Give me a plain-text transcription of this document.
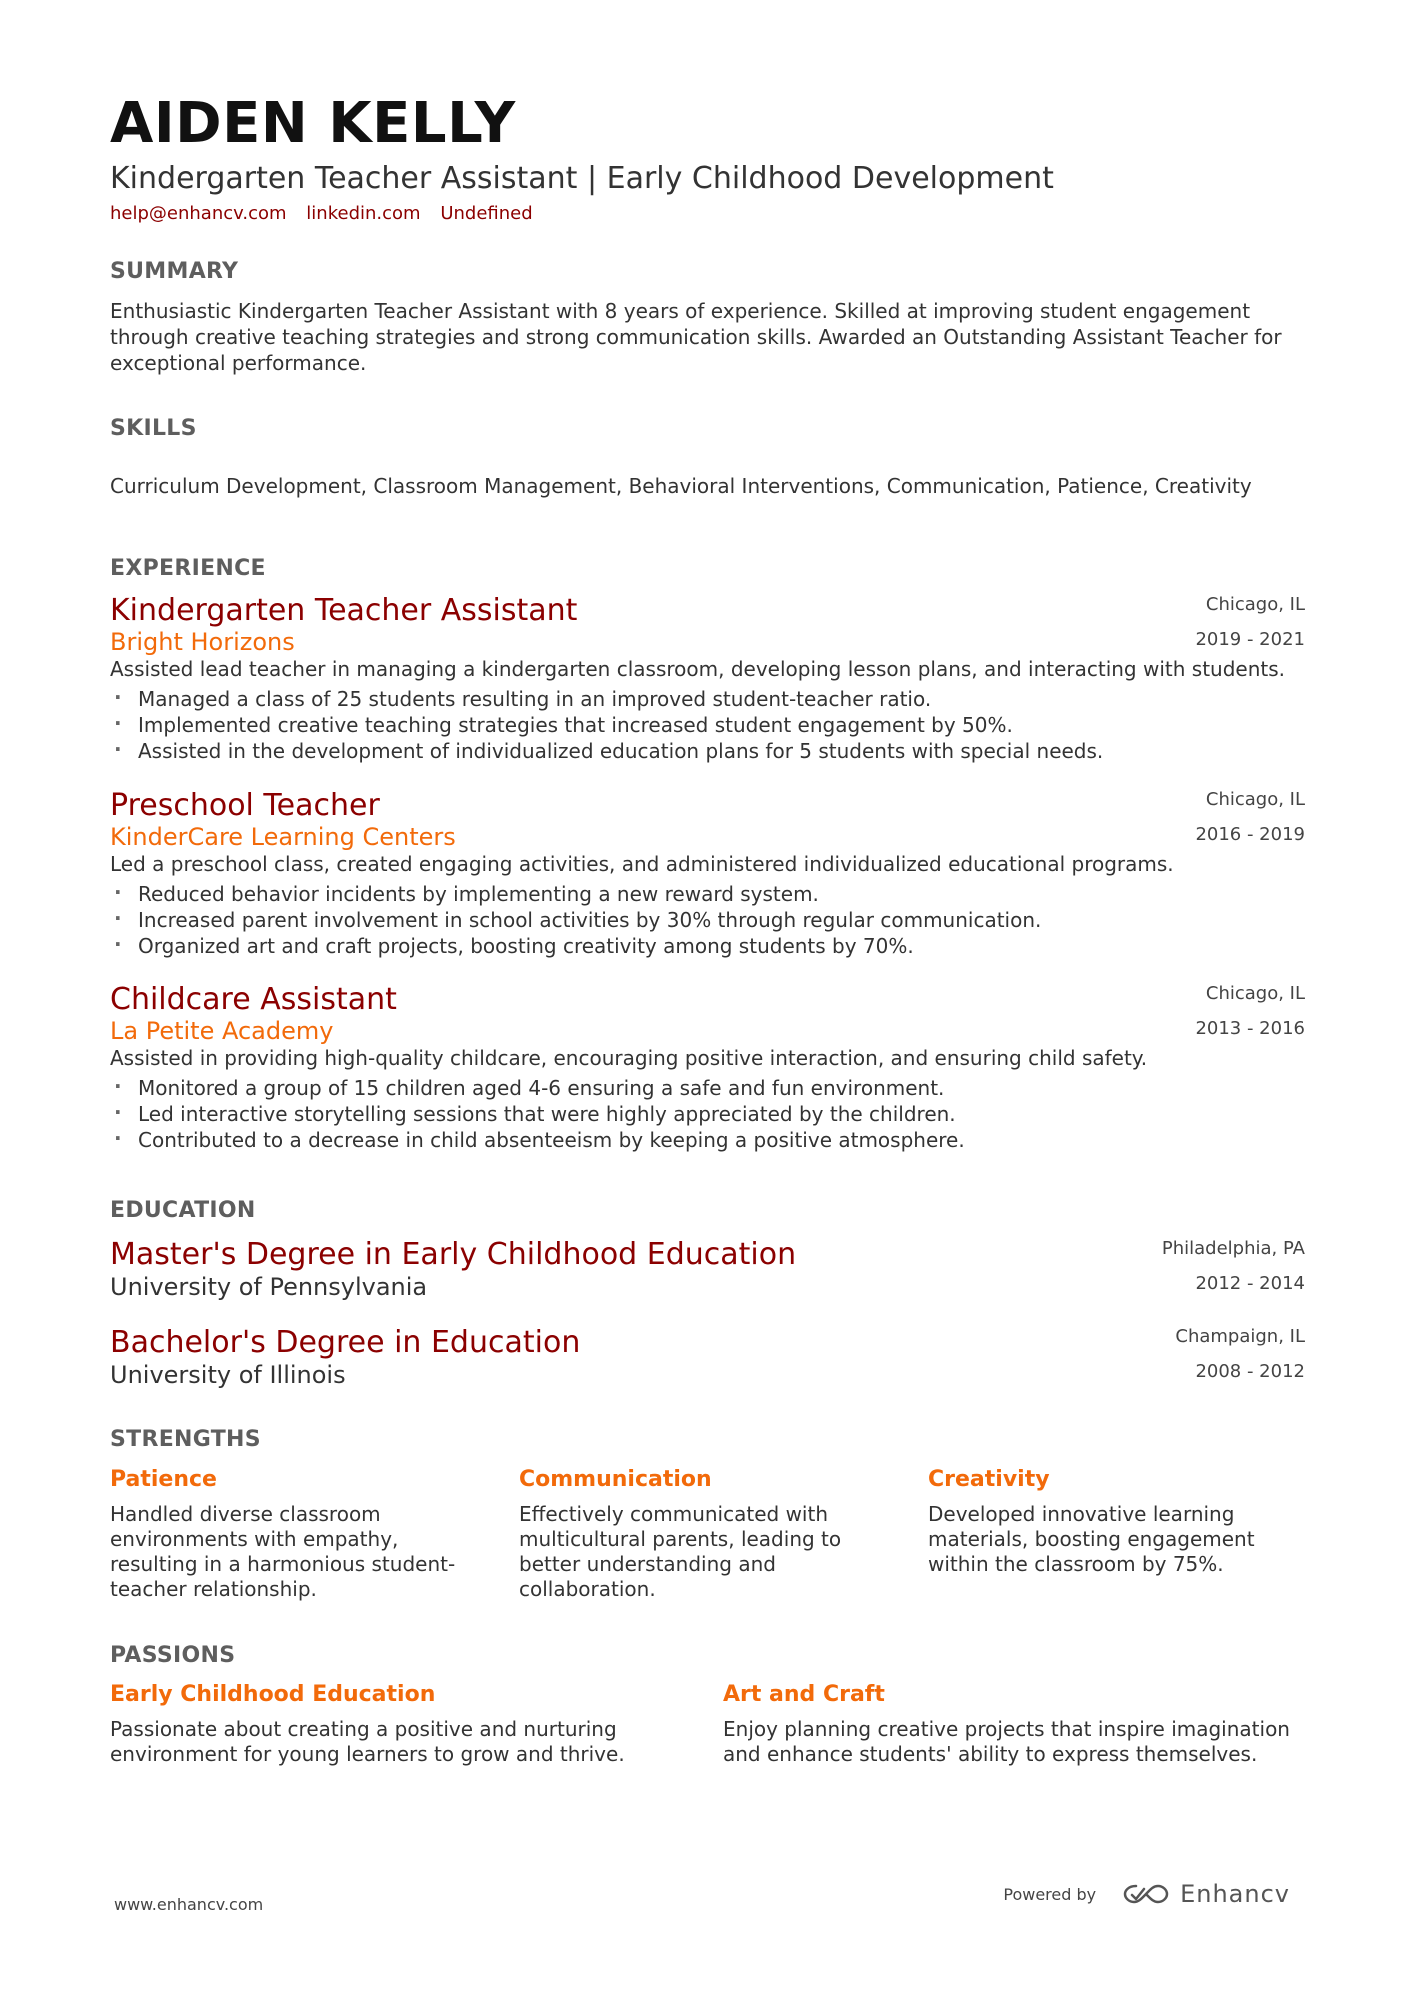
AIDEN KELLY
Kindergarten Teacher Assistant | Early Childhood Development
help@enhancv.com linkedin.com Undefined
SUMMARY
Enthusiastic Kindergarten Teacher Assistant with 8 years of experience. Skilled at improving student engagement through creative teaching strategies and strong communication skills. Awarded an Outstanding Assistant Teacher for exceptional performance.
SKILLS
Curriculum Development, Classroom Management, Behavioral Interventions, Communication, Patience, Creativity
EXPERIENCE
Kindergarten Teacher Assistant
Bright Horizons
Chicago, IL
2019 - 2021
Assisted lead teacher in managing a kindergarten classroom, developing lesson plans, and interacting with students.
· Managed a class of 25 students resulting in an improved student-teacher ratio.
· Implemented creative teaching strategies that increased student engagement by 50%.
· Assisted in the development of individualized education plans for 5 students with special needs.
Preschool Teacher
KinderCare Learning Centers
Chicago, IL
2016 - 2019
Led a preschool class, created engaging activities, and administered individualized educational programs.
· Reduced behavior incidents by implementing a new reward system.
· Increased parent involvement in school activities by 30% through regular communication.
· Organized art and craft projects, boosting creativity among students by 70%.
Childcare Assistant
La Petite Academy
Chicago, IL
2013 - 2016
Assisted in providing high-quality childcare, encouraging positive interaction, and ensuring child safety.
· Monitored a group of 15 children aged 4-6 ensuring a safe and fun environment.
· Led interactive storytelling sessions that were highly appreciated by the children.
· Contributed to a decrease in child absenteeism by keeping a positive atmosphere.
EDUCATION
Master's Degree in Early Childhood Education
University of Pennsylvania
Philadelphia, PA
2012 - 2014
Bachelor's Degree in Education
University of Illinois
Champaign, IL
2008 - 2012
STRENGTHS
Patience
Handled diverse classroom environments with empathy, resulting in a harmonious student-teacher relationship.
Communication
Effectively communicated with multicultural parents, leading to better understanding and collaboration.
Creativity
Developed innovative learning materials, boosting engagement within the classroom by 75%.
PASSIONS
Early Childhood Education
Passionate about creating a positive and nurturing environment for young learners to grow and thrive.
Art and Craft
Enjoy planning creative projects that inspire imagination and enhance students' ability to express themselves.
www.enhancv.com
Powered by	Enhancv
